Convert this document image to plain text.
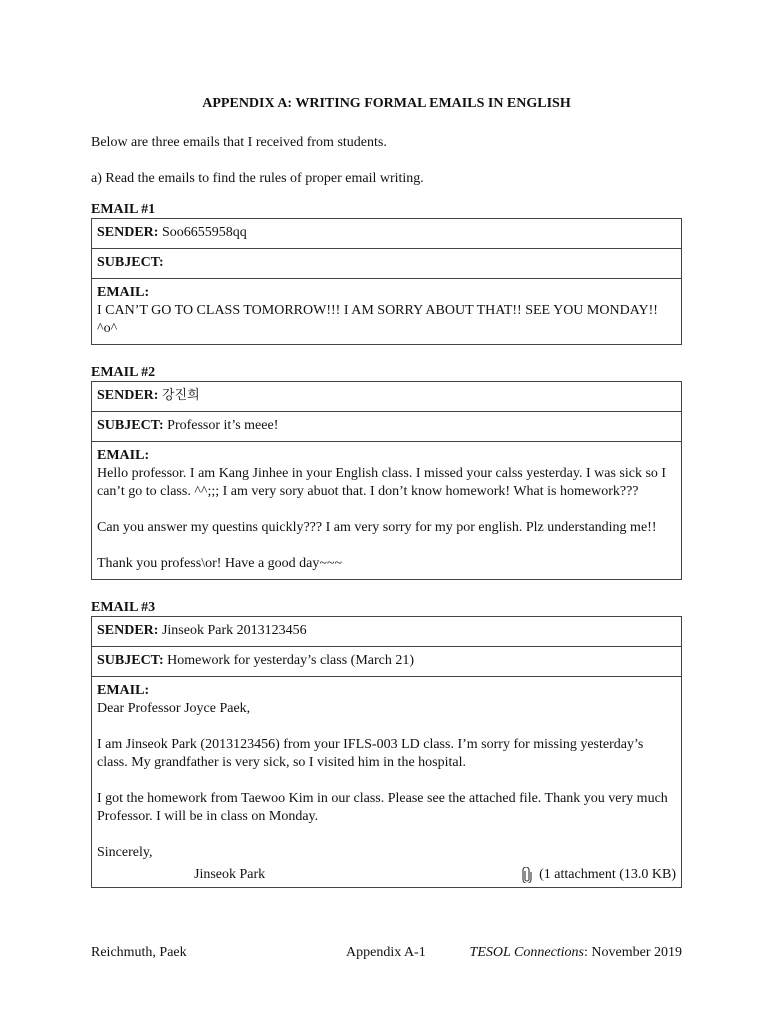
APPENDIX A: WRITING FORMAL EMAILS IN ENGLISH

Below are three emails that I received from students.

a) Read the emails to find the rules of proper email writing.

EMAIL #1

SENDER: Soo6655958qq
SUBJECT:
EMAIL:

I CAN’T GO TO CLASS TOMORROW!!! I AM SORRY ABOUT THAT!! SEE YOU MONDAY!! ^o^

EMAIL #2

SENDER: 강진희
SUBJECT: Professor it’s meee!
EMAIL:

Hello professor. I am Kang Jinhee in your English class. I missed your calss yesterday. I was sick so I can’t go to class. ^^;;; I am very sory abuot that. I don’t know homework! What is homework???

Can you answer my questins quickly??? I am very sorry for my por english. Plz understanding me!!

Thank you profess\or! Have a good day~~~

EMAIL #3

SENDER: Jinseok Park 2013123456
SUBJECT: Homework for yesterday’s class (March 21)
EMAIL:

Dear Professor Joyce Paek,

I am Jinseok Park (2013123456) from your IFLS-003 LD class. I’m sorry for missing yesterday’s class. My grandfather is very sick, so I visited him in the hospital.

I got the homework from Taewoo Kim in our class. Please see the attached file. Thank you very much Professor. I will be in class on Monday.

Sincerely,

Jinseok Park	(1 attachment (13.0 KB)
Reichmuth, Paek	Appendix A-1	TESOL Connections: November 2019
